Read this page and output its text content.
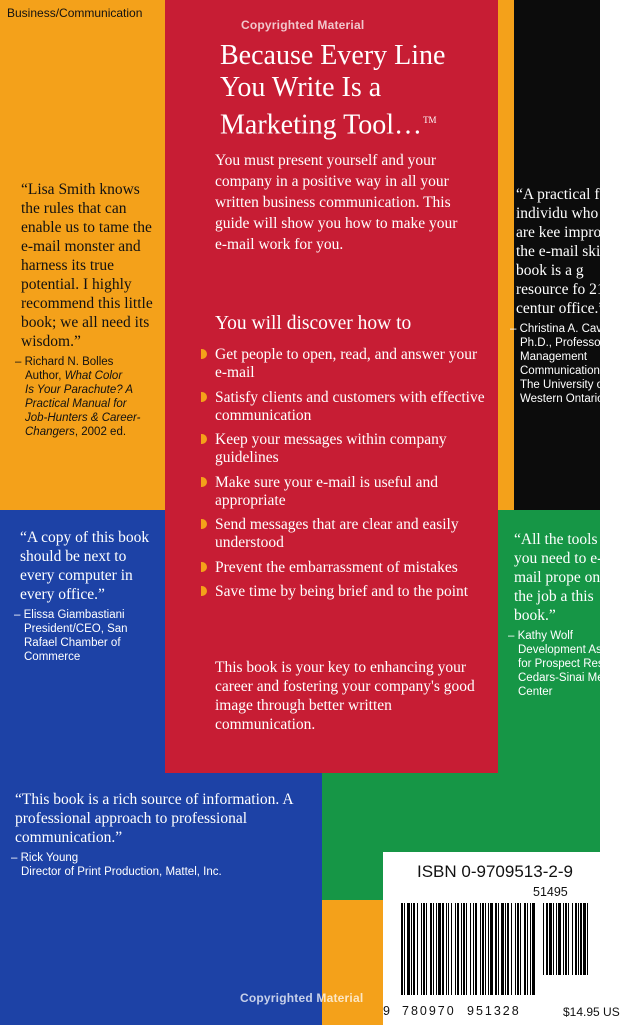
Business/Communication

“Lisa Smith knows the rules that can enable us to tame the e-mail monster and harness its true potential. I highly recommend this little book; we all need its wisdom.”

– Richard N. Bolles
Author, What Color
Is Your Parachute? A
Practical Manual for
Job-Hunters & Career-
Changers, 2002 ed.

“A copy of this book should be next to every computer in every office.”

– Elissa Giambastiani
President/CEO, San
Rafael Chamber of
Commerce

“A practical for individu who are kee improve the e-mail skills book is a g resource fo 21st centur office.”

– Christina A. Cav
Ph.D., Professo
Management
Communication
The University o
Western Ontario

“All the tools you need to e-mail prope on the job a this book.”

– Kathy Wolf
Development As
for Prospect Res
Cedars-Sinai Me
Center

“This book is a rich source of information. A professional approach to professional communication.”

– Rick Young
Director of Print Production, Mattel, Inc.
Because Every Line You Write Is a Marketing Tool…™

You must present yourself and your company in a positive way in all your written business communication. This guide will show you how to make your e-mail work for you.

You will discover how to
Get people to open, read, and answer your e-mail
Satisfy clients and customers with effective communication
Keep your messages within company guidelines
Make sure your e-mail is useful and appropriate
Send messages that are clear and easily understood
Prevent the embarrassment of mistakes
Save time by being brief and to the point

This book is your key to enhancing your career and fostering your company's good image through better written communication.

Copyrighted Material
Copyrighted Material
ISBN 0-9709513-2-9
51495
9 780970 951328	$14.95 US
